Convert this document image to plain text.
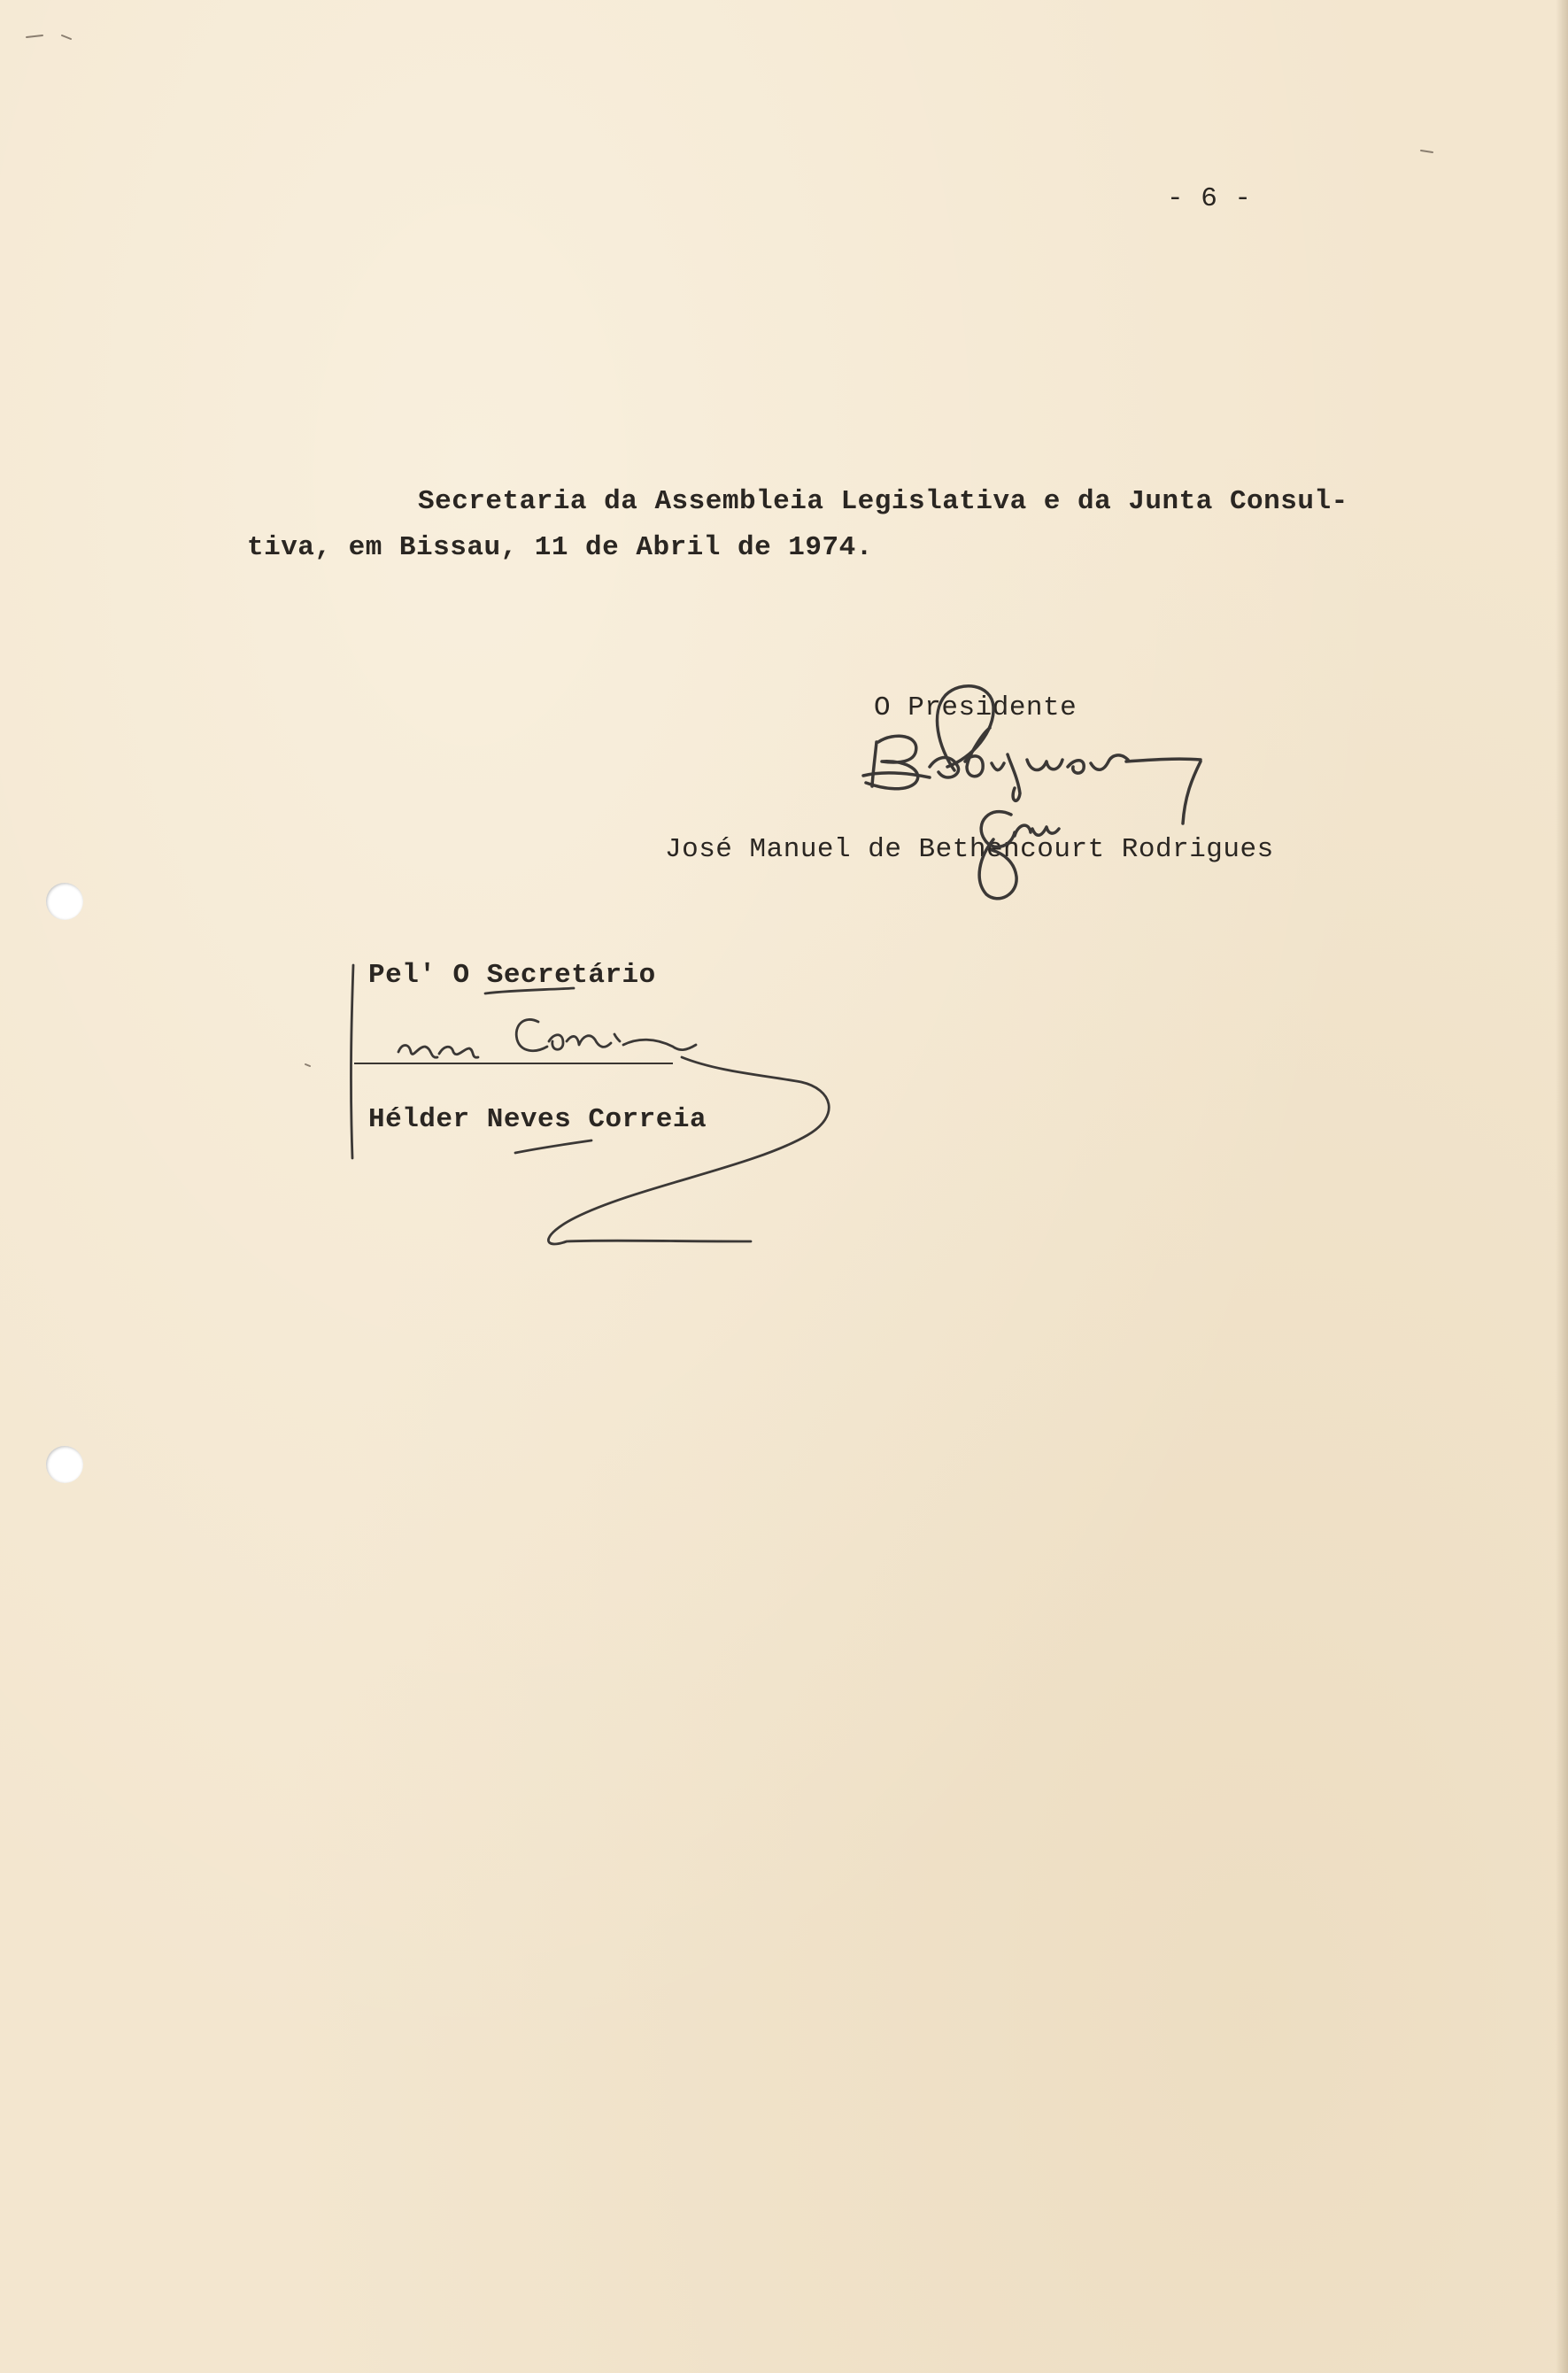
- 6 -
Secretaria da Assembleia Legislativa e da Junta Consul-
tiva, em Bissau, 11 de Abril de 1974.
O Presidente
José Manuel de Bethencourt Rodrigues
Pel' O Secretário
Hélder Neves Correia
